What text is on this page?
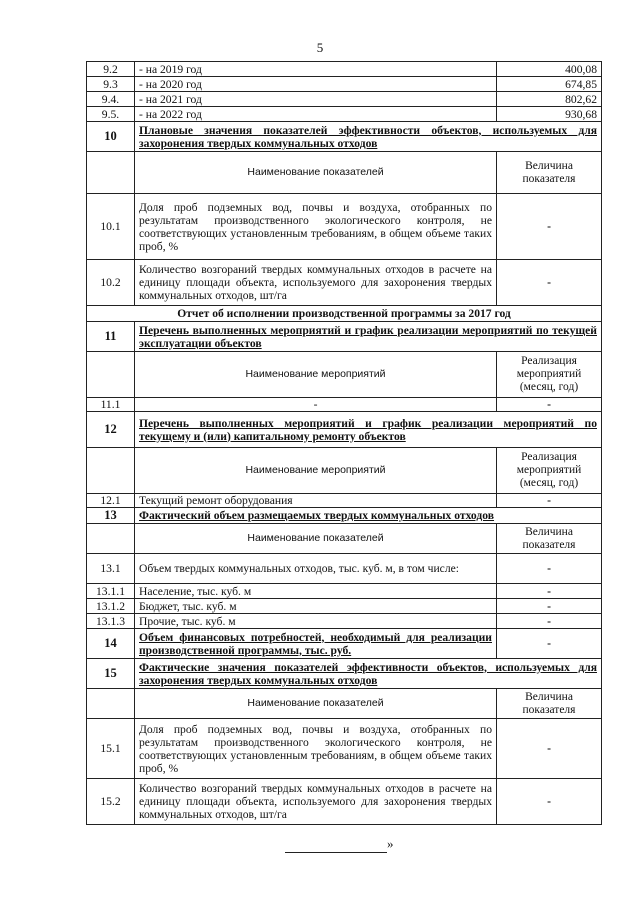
5
9.2	- на 2019 год	400,08
9.3	- на 2020 год	674,85
9.4.	- на 2021 год	802,62
9.5.	- на 2022 год	930,68
10	Плановые значения показателей эффективности объектов, используемых для захоронения твердых коммунальных отходов	
	Наименование показателей	Величина показателя
10.1	Доля проб подземных вод, почвы и воздуха, отобранных по результатам производственного экологического контроля, не соответствующих установленным требованиям, в общем объеме таких проб, %	-
10.2	Количество возгораний твердых коммунальных отходов в расчете на единицу площади объекта, используемого для захоронения твердых коммунальных отходов, шт/га	-
Отчет об исполнении производственной программы за 2017 год		
11	Перечень выполненных мероприятий и график реализации мероприятий по текущей эксплуатации объектов	
	Наименование мероприятий	Реализация мероприятий (месяц, год)
11.1	-	-
12	Перечень выполненных мероприятий и график реализации мероприятий по текущему и (или) капитальному ремонту объектов	
	Наименование мероприятий	Реализация мероприятий (месяц, год)
12.1	Текущий ремонт оборудования	-
13	Фактический объем размещаемых твердых коммунальных отходов	
	Наименование показателей	Величина показателя
13.1	Объем твердых коммунальных отходов, тыс. куб. м, в том числе:	-
13.1.1	Население, тыс. куб. м	-
13.1.2	Бюджет, тыс. куб. м	-
13.1.3	Прочие, тыс. куб. м	-
14	Объем финансовых потребностей, необходимый для реализации производственной программы, тыс. руб.	-
15	Фактические значения показателей эффективности объектов, используемых для захоронения твердых коммунальных отходов	
	Наименование показателей	Величина показателя
15.1	Доля проб подземных вод, почвы и воздуха, отобранных по результатам производственного экологического контроля, не соответствующих установленным требованиям, в общем объеме таких проб, %	-
15.2	Количество возгораний твердых коммунальных отходов в расчете на единицу площади объекта, используемого для захоронения твердых коммунальных отходов, шт/га	-
»
